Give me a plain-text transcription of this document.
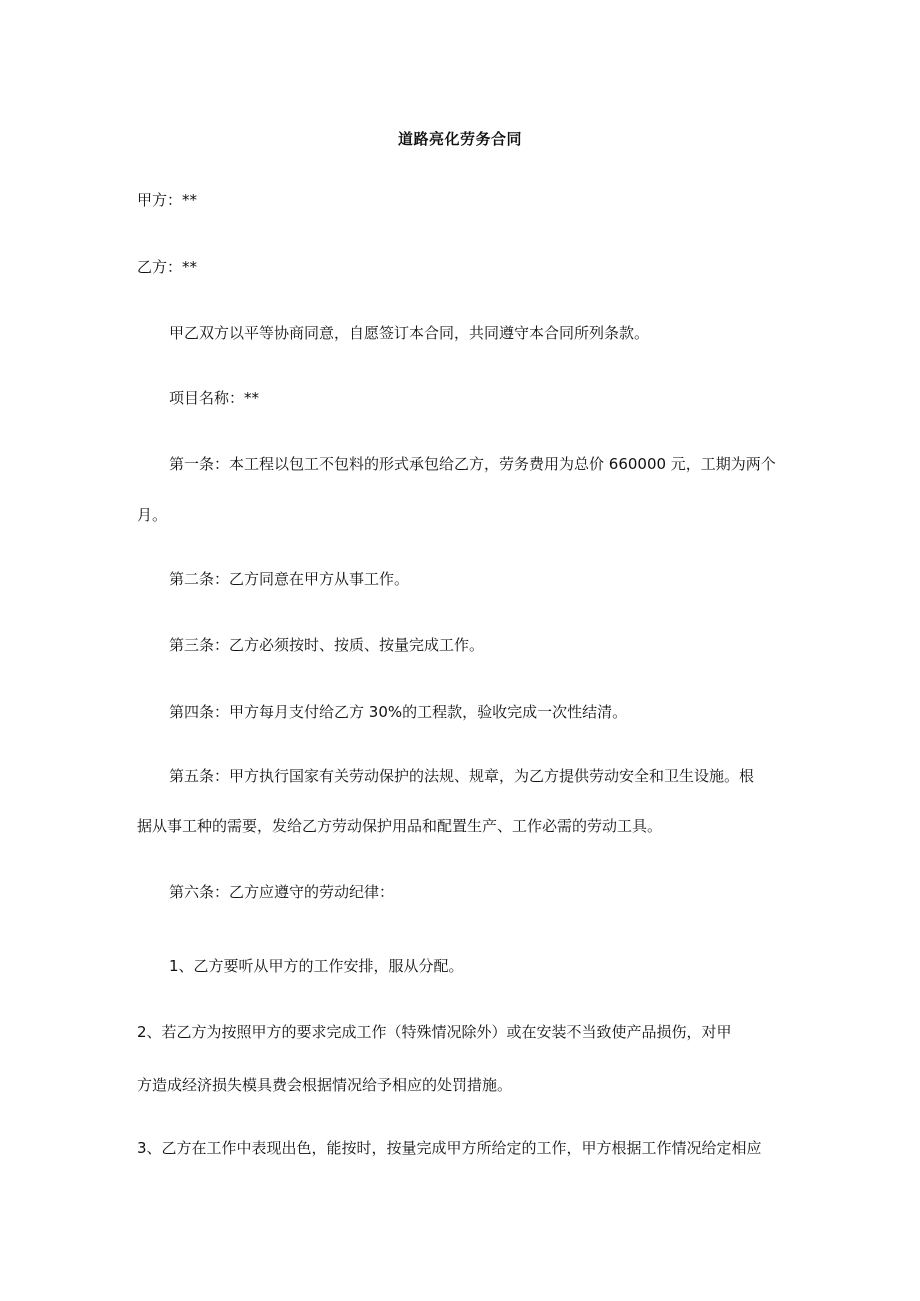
道路亮化劳务合同
甲方：**
乙方：**
甲乙双方以平等协商同意，自愿签订本合同，共同遵守本合同所列条款。
项目名称：**
第一条：本工程以包工不包料的形式承包给乙方，劳务费用为总价 660000 元，工期为两个
月。
第二条：乙方同意在甲方从事工作。
第三条：乙方必须按时、按质、按量完成工作。
第四条：甲方每月支付给乙方 30%的工程款，验收完成一次性结清。
第五条：甲方执行国家有关劳动保护的法规、规章，为乙方提供劳动安全和卫生设施。根
据从事工种的需要，发给乙方劳动保护用品和配置生产、工作必需的劳动工具。
第六条：乙方应遵守的劳动纪律：
1、乙方要听从甲方的工作安排，服从分配。
2、若乙方为按照甲方的要求完成工作（特殊情况除外）或在安装不当致使产品损伤，对甲
方造成经济损失模具费会根据情况给予相应的处罚措施。
3、乙方在工作中表现出色，能按时，按量完成甲方所给定的工作，甲方根据工作情况给定相应
